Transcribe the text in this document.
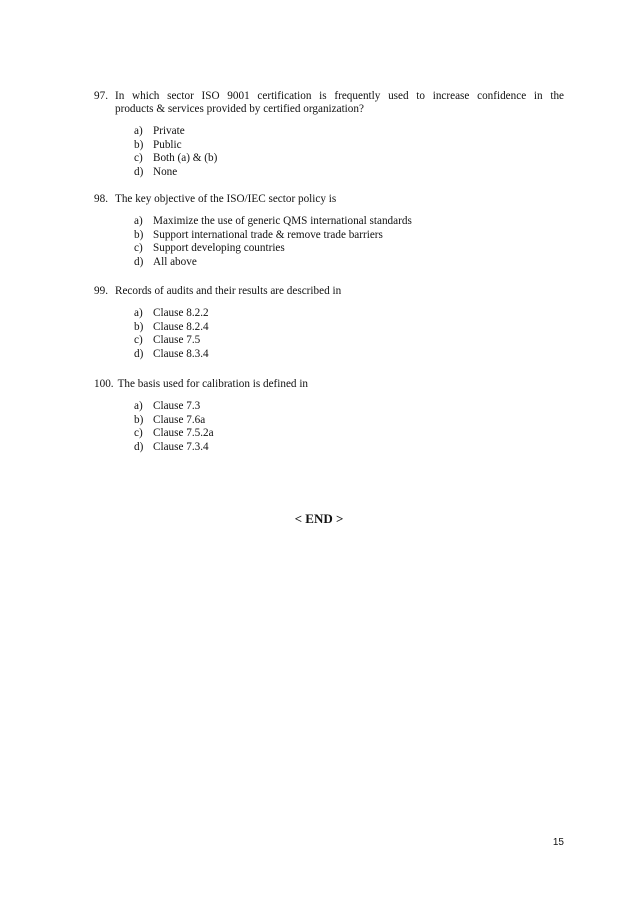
97. In which sector ISO 9001 certification is frequently used to increase confidence in the
products & services provided by certified organization?
a) Private
b) Public
c) Both (a) & (b)
d) None
98. The key objective of the ISO/IEC sector policy is
a) Maximize the use of generic QMS international standards
b) Support international trade & remove trade barriers
c) Support developing countries
d) All above
99. Records of audits and their results are described in
a) Clause 8.2.2
b) Clause 8.2.4
c) Clause 7.5
d) Clause 8.3.4
100. The basis used for calibration is defined in
a) Clause 7.3
b) Clause 7.6a
c) Clause 7.5.2a
d) Clause 7.3.4
< END >
15
